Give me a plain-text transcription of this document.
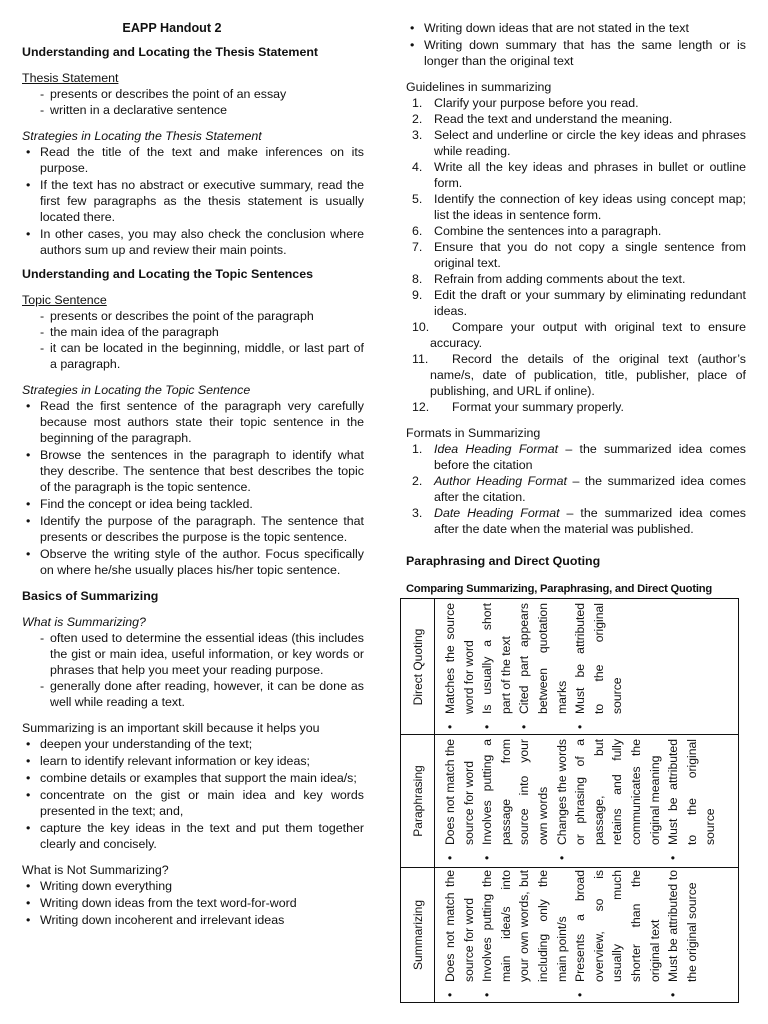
EAPP Handout 2
Understanding and Locating the Thesis Statement
Thesis Statement
- presents or describes the point of an essay
- written in a declarative sentence
Strategies in Locating the Thesis Statement
• Read the title of the text and make inferences on its purpose.
• If the text has no abstract or executive summary, read the first few paragraphs as the thesis statement is usually located there.
• In other cases, you may also check the conclusion where authors sum up and review their main points.
Understanding and Locating the Topic Sentences
Topic Sentence
- presents or describes the point of the paragraph
- the main idea of the paragraph
- it can be located in the beginning, middle, or last part of a paragraph.
Strategies in Locating the Topic Sentence
• Read the first sentence of the paragraph very carefully because most authors state their topic sentence in the beginning of the paragraph.
• Browse the sentences in the paragraph to identify what they describe. The sentence that best describes the topic of the paragraph is the topic sentence.
• Find the concept or idea being tackled.
• Identify the purpose of the paragraph. The sentence that presents or describes the purpose is the topic sentence.
• Observe the writing style of the author. Focus specifically on where he/she usually places his/her topic sentence.
Basics of Summarizing
What is Summarizing?
- often used to determine the essential ideas (this includes the gist or main idea, useful information, or key words or phrases that help you meet your reading purpose.
- generally done after reading, however, it can be done as well while reading a text.
Summarizing is an important skill because it helps you
• deepen your understanding of the text;
• learn to identify relevant information or key ideas;
• combine details or examples that support the main idea/s;
• concentrate on the gist or main idea and key words presented in the text; and,
• capture the key ideas in the text and put them together clearly and concisely.
What is Not Summarizing?
• Writing down everything
• Writing down ideas from the text word-for-word
• Writing down incoherent and irrelevant ideas
• Writing down ideas that are not stated in the text
• Writing down summary that has the same length or is longer than the original text
Guidelines in summarizing
1. Clarify your purpose before you read.
2. Read the text and understand the meaning.
3. Select and underline or circle the key ideas and phrases while reading.
4. Write all the key ideas and phrases in bullet or outline form.
5. Identify the connection of key ideas using concept map; list the ideas in sentence form.
6. Combine the sentences into a paragraph.
7. Ensure that you do not copy a single sentence from original text.
8. Refrain from adding comments about the text.
9. Edit the draft or your summary by eliminating redundant ideas.
10. Compare your output with original text to ensure accuracy.
11. Record the details of the original text (author’s name/s, date of publication, title, publisher, place of publishing, and URL if online).
12. Format your summary properly.
Formats in Summarizing
1. Idea Heading Format – the summarized idea comes before the citation
2. Author Heading Format – the summarized idea comes after the citation.
3. Date Heading Format – the summarized idea comes after the date when the material was published.
Paraphrasing and Direct Quoting
Comparing Summarizing, Paraphrasing, and Direct Quoting
Direct Quoting • Matches the source word for word • Is usually a short part of the text • Cited part appears between quotation marks • Must be attributed to the original source
Paraphrasing • Does not match the source for word • Involves putting a passage from source into your own words • Changes the words or phrasing of a passage, but retains and fully communicates the original meaning • Must be attributed to the original source
Summarizing • Does not match the source for word • Involves putting the main idea/s into your own words, but including only the main point/s • Presents a broad overview, so is usually much shorter than the original text • Must be attributed to the original source
